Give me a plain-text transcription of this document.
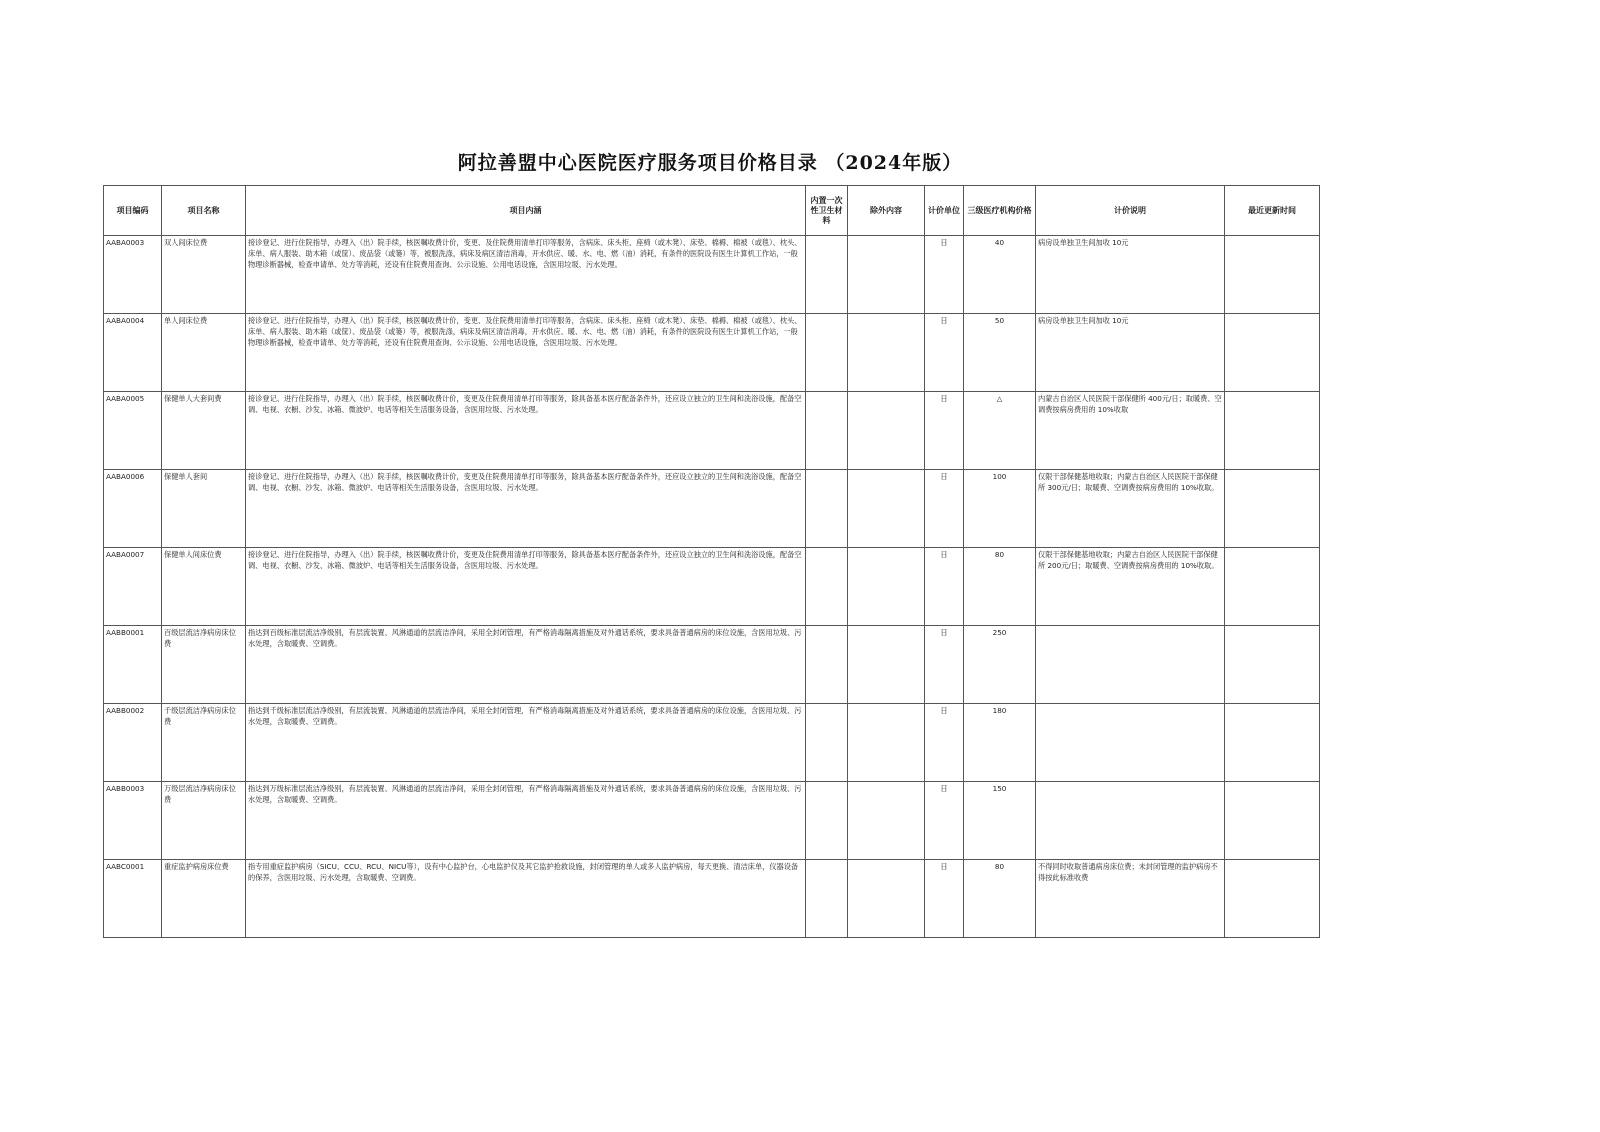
阿拉善盟中心医院医疗服务项目价格目录 （2024年版）
项目编码	项目名称	项目内涵	内置一次性卫生材料	除外内容	计价单位	三级医疗机构价格	计价说明	最近更新时间
AABA0003	双人间床位费	接诊登记、进行住院指导，办理入（出）院手续，核医嘱收费计价，变更、及住院费用清单打印等服务，含病床、床头柜、座椅（或木凳）、床垫、棉褥、棉被（或毯）、枕头、床单、病人服装、助木箱（或筐）、废品袋（或篓）等，被服洗涤，病床及病区清洁消毒，开水供应、暖、水、电、燃（油）消耗，有条件的医院设有医生计算机工作站，一般物理诊断器械，检查申请单、处方等消耗，还设有住院费用查询、公示设施、公用电话设施，含医用垃圾、污水处理。			日	40	病房设单独卫生间加收 10元	
AABA0004	单人间床位费	接诊登记、进行住院指导，办理入（出）院手续，核医嘱收费计价，变更、及住院费用清单打印等服务，含病床、床头柜、座椅（或木凳）、床垫、棉褥、棉被（或毯）、枕头、床单、病人服装、助木箱（或筐）、废品袋（或篓）等，被服洗涤，病床及病区清洁消毒，开水供应、暖、水、电、燃（油）消耗，有条件的医院设有医生计算机工作站，一般物理诊断器械，检查申请单、处方等消耗，还设有住院费用查询、公示设施、公用电话设施，含医用垃圾、污水处理。			日	50	病房设单独卫生间加收 10元	
AABA0005	保健单人大套间费	接诊登记、进行住院指导，办理入（出）院手续，核医嘱收费计价，变更及住院费用清单打印等服务，除具备基本医疗配备条件外，还应设立独立的卫生间和洗浴设施，配备空调、电视、衣橱、沙发、冰箱、微波炉、电话等相关生活服务设备，含医用垃圾、污水处理。			日	△	内蒙古自治区人民医院干部保健所 400元/日；取暖费、空调费按病房费用的 10%收取	
AABA0006	保健单人套间	接诊登记、进行住院指导，办理入（出）院手续，核医嘱收费计价，变更及住院费用清单打印等服务，除具备基本医疗配备条件外，还应设立独立的卫生间和洗浴设施，配备空调、电视、衣橱、沙发、冰箱、微波炉、电话等相关生活服务设备，含医用垃圾、污水处理。			日	100	仅限干部保健基地收取；内蒙古自治区人民医院干部保健所 300元/日；取暖费、空调费按病房费用的 10%收取。	
AABA0007	保健单人间床位费	接诊登记、进行住院指导，办理入（出）院手续，核医嘱收费计价，变更及住院费用清单打印等服务，除具备基本医疗配备条件外，还应设立独立的卫生间和洗浴设施，配备空调、电视、衣橱、沙发、冰箱、微波炉、电话等相关生活服务设备，含医用垃圾、污水处理。			日	80	仅限干部保健基地收取；内蒙古自治区人民医院干部保健所 200元/日；取暖费、空调费按病房费用的 10%收取。	
AABB0001	百级层流洁净病房床位费	指达到百级标准层流洁净级别，有层流装置、风淋通道的层流洁净间，采用全封闭管理，有严格消毒隔离措施及对外通话系统，要求具备普通病房的床位设施，含医用垃圾、污水处理，含取暖费、空调费。			日	250		
AABB0002	千级层流洁净病房床位费	指达到千级标准层流洁净级别，有层流装置、风淋通道的层流洁净间，采用全封闭管理，有严格消毒隔离措施及对外通话系统，要求具备普通病房的床位设施，含医用垃圾、污水处理，含取暖费、空调费。			日	180		
AABB0003	万级层流洁净病房床位费	指达到万级标准层流洁净级别，有层流装置、风淋通道的层流洁净间，采用全封闭管理，有严格消毒隔离措施及对外通话系统，要求具备普通病房的床位设施，含医用垃圾、污水处理，含取暖费、空调费。			日	150		
AABC0001	重症监护病房床位费	指专用重症监护病房（SICU、CCU、RCU、NICU等），设有中心监护台，心电监护仪及其它监护抢救设施，封闭管理的单人或多人监护病房，每天更换、清洁床单，仪器设备的保养，含医用垃圾、污水处理，含取暖费、空调费。			日	80	不得同时收取普通病房床位费；未封闭管理的监护病房不得按此标准收费	
